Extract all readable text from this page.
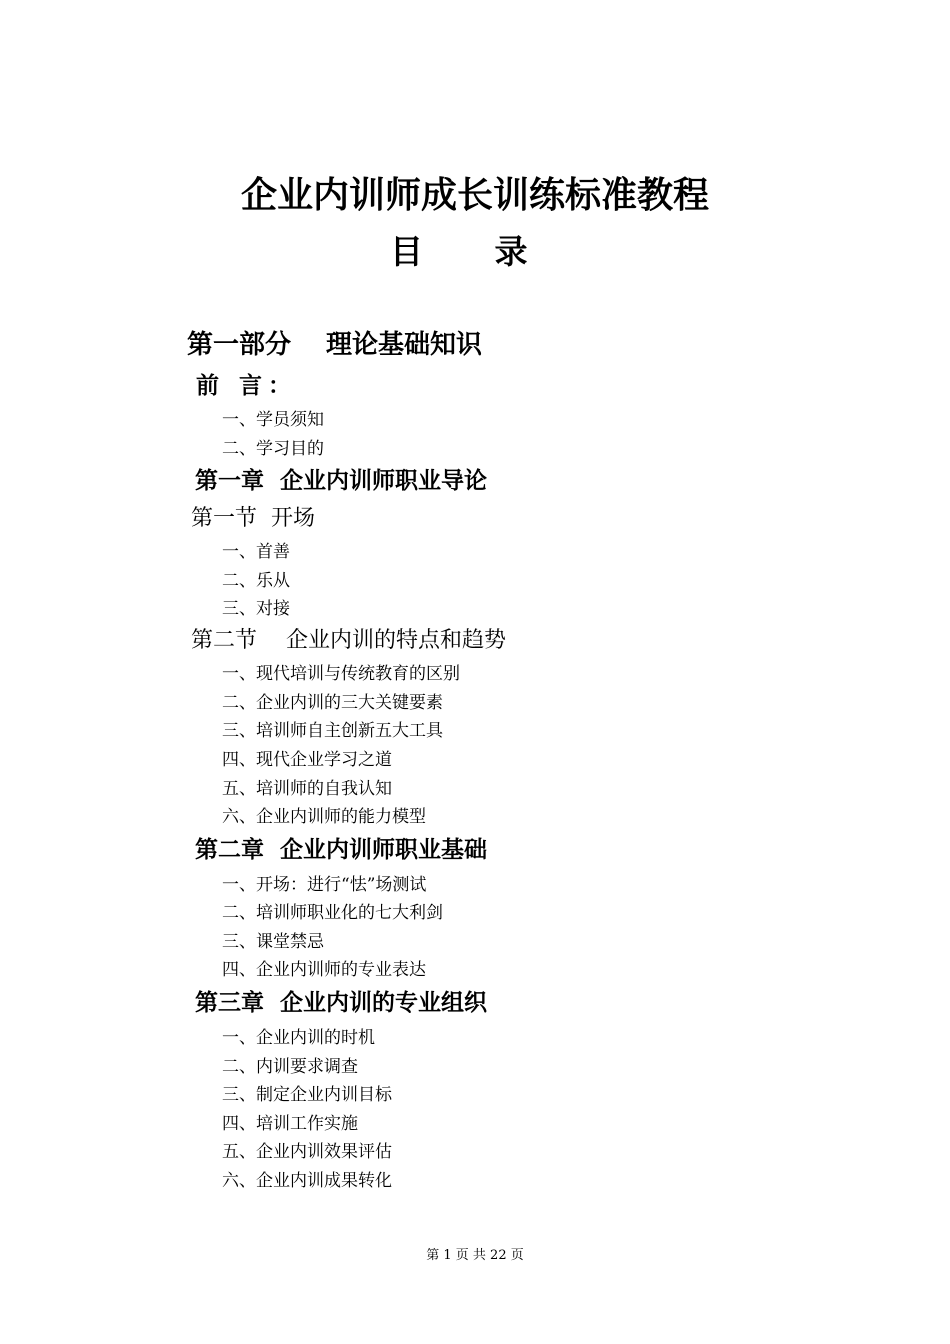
企业内训师成长训练标准教程
目 录
第一部分　 理论基础知识
前 言：
一、学员须知
二、学习目的
第一章  企业内训师职业导论
第一节  开场
一、首善
二、乐从
三、对接
第二节　 企业内训的特点和趋势
一、现代培训与传统教育的区别
二、企业内训的三大关键要素
三、培训师自主创新五大工具
四、现代企业学习之道
五、培训师的自我认知
六、企业内训师的能力模型
第二章  企业内训师职业基础
一、开场：进行“怯”场测试
二、培训师职业化的七大利剑
三、课堂禁忌
四、企业内训师的专业表达
第三章  企业内训的专业组织
一、企业内训的时机
二、内训要求调查
三、制定企业内训目标
四、培训工作实施
五、企业内训效果评估
六、企业内训成果转化
第 1 页 共 22 页
